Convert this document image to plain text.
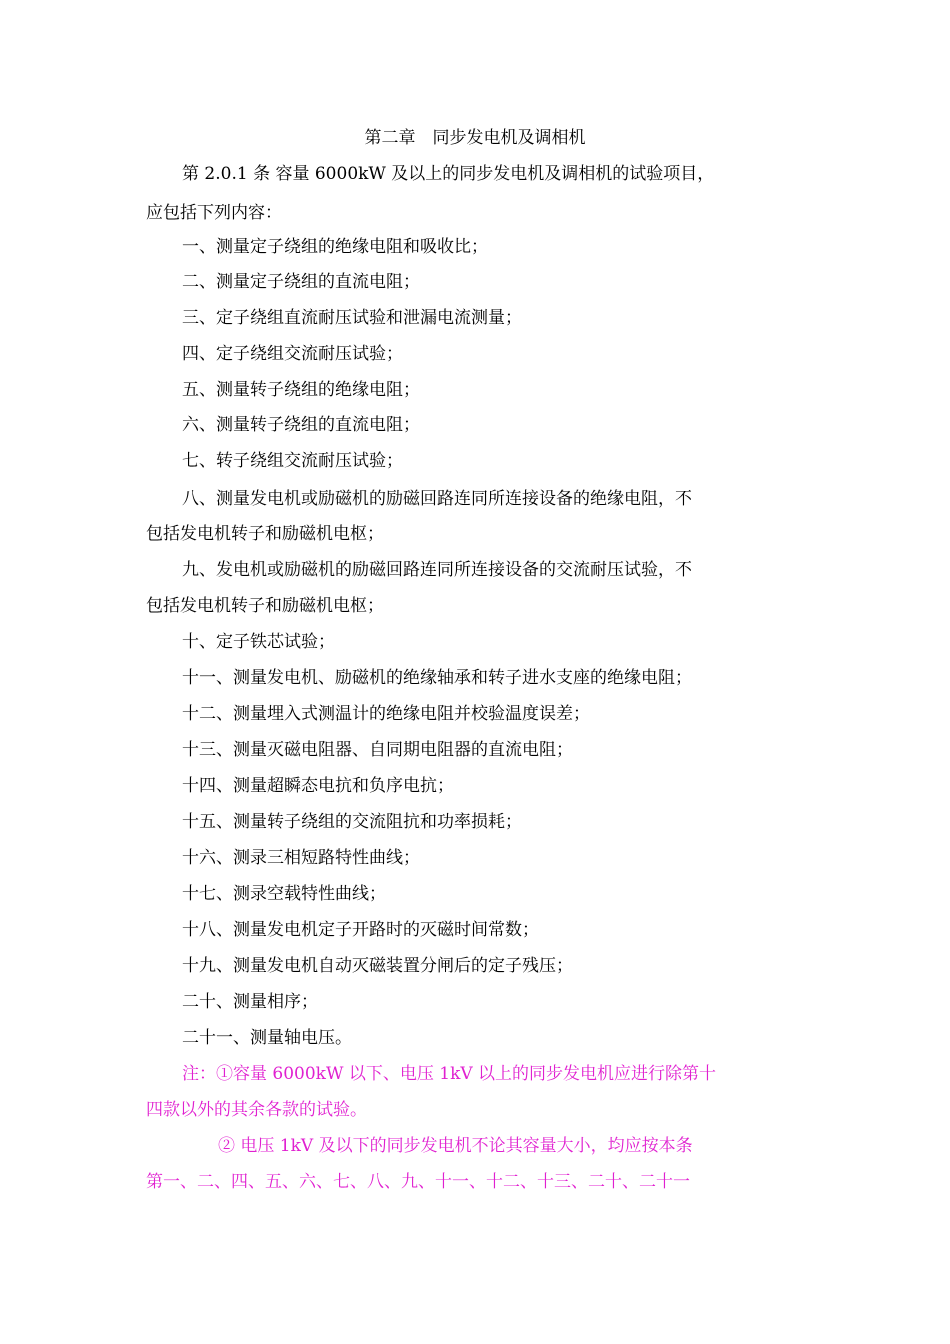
第二章　同步发电机及调相机
第 2.0.1 条 容量 6000kW 及以上的同步发电机及调相机的试验项目，
应包括下列内容：
一、测量定子绕组的绝缘电阻和吸收比；
二、测量定子绕组的直流电阻；
三、定子绕组直流耐压试验和泄漏电流测量；
四、定子绕组交流耐压试验；
五、测量转子绕组的绝缘电阻；
六、测量转子绕组的直流电阻；
七、转子绕组交流耐压试验；
八、测量发电机或励磁机的励磁回路连同所连接设备的绝缘电阻，不
包括发电机转子和励磁机电枢；
九、发电机或励磁机的励磁回路连同所连接设备的交流耐压试验，不
包括发电机转子和励磁机电枢；
十、定子铁芯试验；
十一、测量发电机、励磁机的绝缘轴承和转子进水支座的绝缘电阻；
十二、测量埋入式测温计的绝缘电阻并校验温度误差；
十三、测量灭磁电阻器、自同期电阻器的直流电阻；
十四、测量超瞬态电抗和负序电抗；
十五、测量转子绕组的交流阻抗和功率损耗；
十六、测录三相短路特性曲线；
十七、测录空载特性曲线；
十八、测量发电机定子开路时的灭磁时间常数；
十九、测量发电机自动灭磁装置分闸后的定子残压；
二十、测量相序；
二十一、测量轴电压。
注：①容量 6000kW 以下、电压 1kV 以上的同步发电机应进行除第十
四款以外的其余各款的试验。
② 电压 1kV 及以下的同步发电机不论其容量大小，均应按本条
第一、二、四、五、六、七、八、九、十一、十二、十三、二十、二十一
